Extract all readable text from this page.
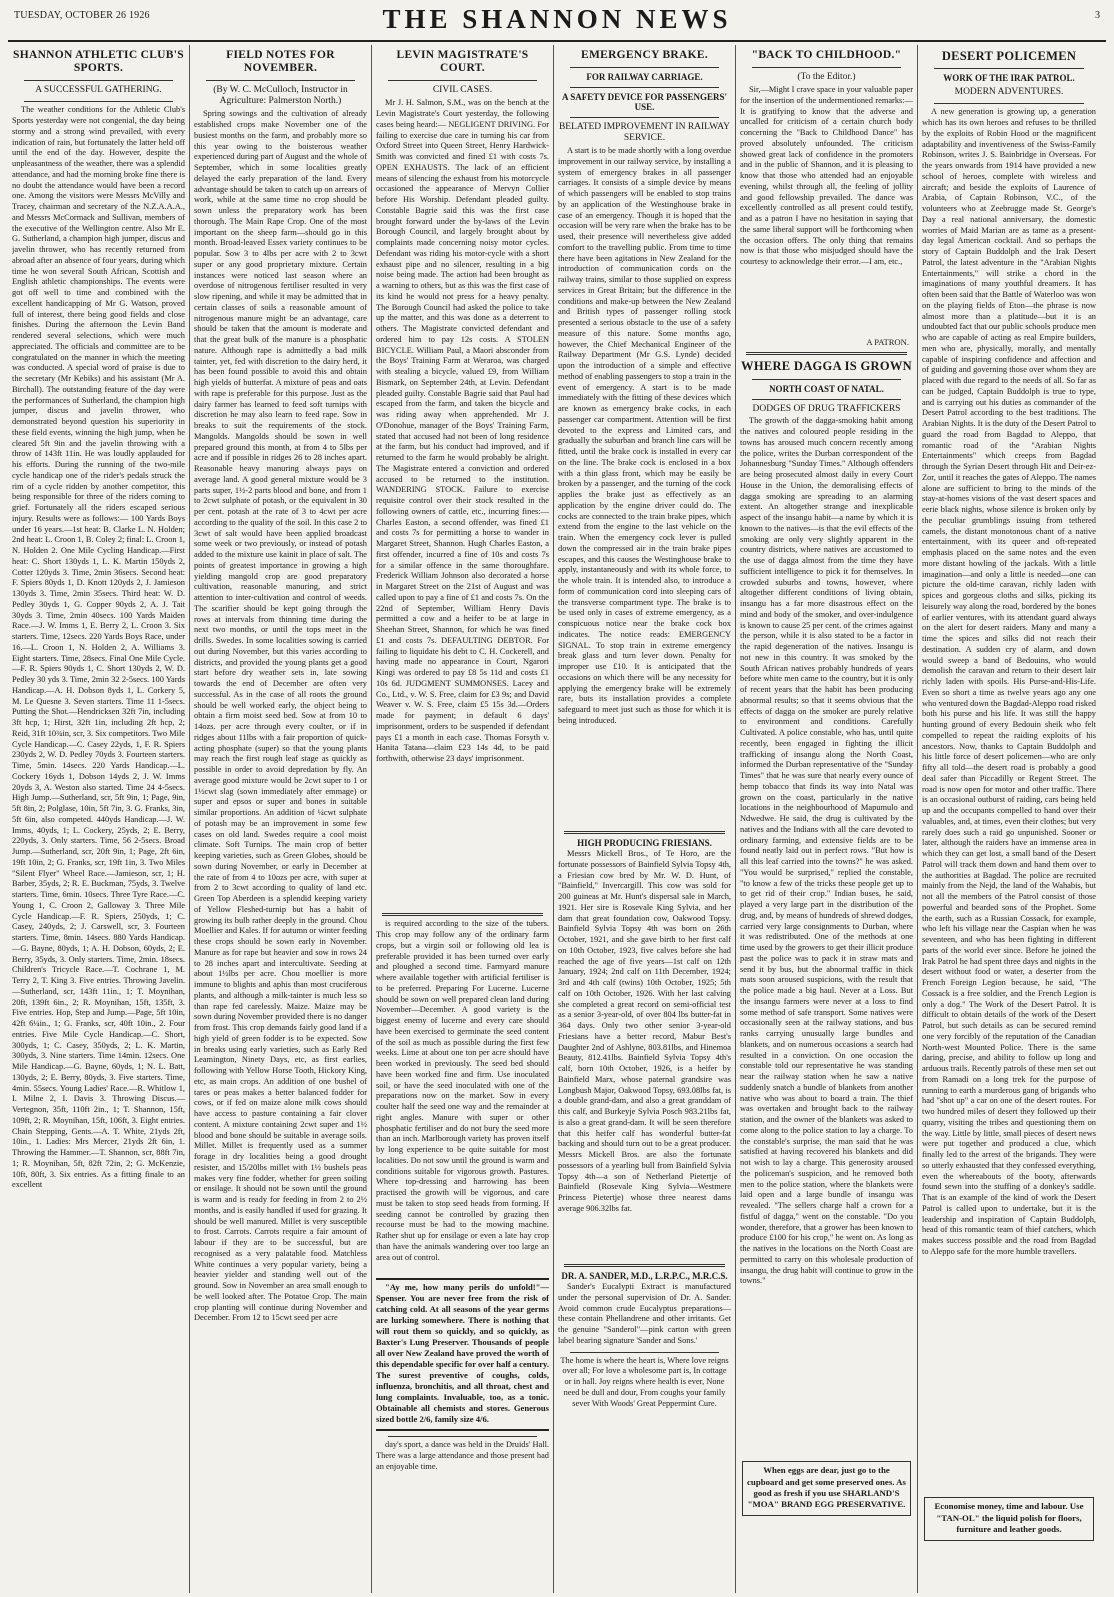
TUESDAY, OCTOBER 26 1926	THE SHANNON NEWS	3
SHANNON ATHLETIC CLUB'S SPORTS.
A SUCCESSFUL GATHERING.

The weather conditions for the Athletic Club's Sports yesterday were not congenial, the day being stormy and a strong wind prevailed, with every indication of rain, but fortunately the latter held off until the end of the day. However, despite the unpleasantness of the weather, there was a splendid attendance, and had the morning broke fine there is no doubt the attendance would have been a record one. Among the visitors were Messrs McVilly and Tracey, chairman and secretary of the N.Z.A.A.A., and Messrs McCormack and Sullivan, members of the executive of the Wellington centre. Also Mr E. G. Sutherland, a champion high jumper, discus and javelin thrower, who has recently returned from abroad after an absence of four years, during which time he won several South African, Scottish and English athletic championships. The events were got off well to time and combined with the excellent handicapping of Mr G. Watson, proved full of interest, there being good fields and close finishes. During the afternoon the Levin Band rendered several selections, which were much appreciated. The officials and committee are to be congratulated on the manner in which the meeting was conducted. A special word of praise is due to the secretary (Mr Kebiks) and his assistant (Mr A. Birchall). The outstanding feature of the day were the performances of Sutherland, the champion high jumper, discus and javelin thrower, who demonstrated beyond question his superiority in these field events, winning the high jump, when he cleared 5ft 9in and the javelin throwing with a throw of 143ft 11in. He was loudly applauded for his efforts. During the running of the two-mile cycle handicap one of the rider's pedals struck the rim of a cycle ridden by another competitor, this being responsible for three of the riders coming to grief. Fortunately all the riders escaped serious injury. Results were as follows:— 100 Yards Boys under 16 years.—1st heat: B. Clarke L. N. Holden; 2nd heat: L. Croon 1, B. Coley 2; final: L. Croon 1, N. Holden 2. One Mile Cycling Handicap.—First heat: C. Short 130yds 1, L. K. Martin 150yds 2, Cotter 120yds 3. Time, 2min 36secs. Second heat: F. Spiers 80yds 1, D. Knott 120yds 2, J. Jamieson 130yds 3. Time, 2min 35secs. Third heat: W. D. Pedley 30yds 1, G. Copper 90yds 2, A. J. Tait 30yds 3. Time, 2min 40secs. 100 Yards Maiden Race.—J. W. Imms 1, E. Berry 2, L. Croon 3. Six starters. Time, 12secs. 220 Yards Boys Race, under 16.—L. Croon 1, N. Holden 2, A. Williams 3. Eight starters. Time, 28secs. Final One Mile Cycle.—F. R. Spiers 90yds 1, C. Short 130yds 2, W. D. Pedley 30 yds 3. Time, 2min 32 2-5secs. 100 Yards Handicap.—A. H. Dobson 8yds 1, L. Corkery 5, M. Le Quesne 3. Seven starters. Time 11 1-5secs. Putting the Shot.—Hendricksen 32ft 7in, including 3ft hcp, 1; Hirst, 32ft 1in, including 2ft hcp, 2; Reid, 31ft 10¾in, scr, 3. Six competitors. Two Mile Cycle Handicap.—C. Casey 22yds, 1, F. R. Spiers 230yds 2, W. D. Pedley 70yds 3. Fourteen starters. Time, 5min. 14secs. 220 Yards Handicap.—L. Cockery 16yds 1, Dobson 14yds 2, J. W. Imms 20yds 3, A. Weston also started. Time 24 4-5secs. High Jump.—Sutherland, scr, 5ft 9in, 1; Page, 9in, 5ft 8in, 2; Polglase, 10in, 5ft 7in, 3. G. Franks, 3in, 5ft 6in, also competed. 440yds Handicap.—J. W. Imms, 40yds, 1; L. Cockery, 25yds, 2; E. Berry, 220yds, 3. Only starters. Time, 56 2-5secs. Broad Jump.—Sutherland, scr, 20ft 9in, 1; Page, 2ft 6in, 19ft 10in, 2; G. Franks, scr, 19ft 1in, 3. Two Miles "Silent Flyer" Wheel Race.—Jamieson, scr, 1; H. Barber, 35yds, 2; R. E. Buckman, 75yds, 3. Twelve starters. Time, 6min. 10secs. Three Tyre Race.—C. Young 1, C. Croon 2, Galloway 3. Three Mile Cycle Handicap.—F. R. Spiers, 250yds, 1; C. Casey, 240yds, 2; J. Carswell, scr, 3. Fourteen starters. Time, 8min. 14secs. 880 Yards Handicap.—G. Bayne, 80yds, 1; A. H. Dobson, 60yds, 2; E. Berry, 35yds, 3. Only starters. Time, 2min. 18secs. Children's Tricycle Race.—T. Cochrane 1, M. Terry 2, T. King 3. Five entries. Throwing Javelin.—Sutherland, scr, 143ft 11in., 1; T. Moynihan, 20ft, 139ft 6in., 2; R. Moynihan, 15ft, 135ft, 3. Five entries. Hop, Step and Jump.—Page, 5ft 10in, 42ft 6¼in., 1; G. Franks, scr, 40ft 10in., 2. Four entries. Five Mile Cycle Handicap.—C. Short, 300yds, 1; C. Casey, 350yds, 2; L. K. Martin, 300yds, 3. Nine starters. Time 14min. 12secs. One Mile Handicap.—G. Bayne, 60yds, 1; N. L. Batt, 130yds, 2; E. Berry, 80yds, 3. Five starters. Time, 4min. 55secs. Young Ladies' Race.—R. Whitlow 1, I. Milne 2, I. Davis 3. Throwing Discus.—Vertegnon, 35ft, 110ft 2in., 1; T. Shannon, 15ft, 109ft, 2; R. Moynihan, 15ft, 106ft, 3. Eight entries. Chain Stepping, Gents.—A. T. White, 21yds 2ft, 10in., 1. Ladies: Mrs Mercer, 21yds 2ft 6in, 1. Throwing the Hammer.—T. Shannon, scr, 88ft 7in, 1; R. Moynihan, 5ft, 82ft 72in, 2; G. McKenzie, 10ft, 80ft, 3. Six entries. As a fitting finale to an excellent

FIELD NOTES FOR NOVEMBER.
(By W. C. McCulloch, Instructor in Agriculture: Palmerston North.)

Spring sowings and the cultivation of already established crops make November one of the busiest months on the farm, and probably more so this year owing to the boisterous weather experienced during part of August and the whole of September, which in some localities greatly delayed the early preparation of the land. Every advantage should be taken to catch up on arrears of work, while at the same time no crop should be sown unless the preparatory work has been thorough. The Main Rape Crop. One of the most important on the sheep farm—should go in this month. Broad-leaved Essex variety continues to be popular. Sow 3 to 4lbs per acre with 2 to 3cwt super or any good proprietary mixture. Certain instances were noticed last season where an overdose of nitrogenous fertiliser resulted in very slow ripening, and while it may be admitted that in certain classes of soils a reasonable amount of nitrogenous manure might be an advantage, care should be taken that the amount is moderate and that the great bulk of the manure is a phosphatic nature. Although rape is admittedly a bad milk tainter, yet, fed with discretion to the dairy herd, it has been found possible to avoid this and obtain high yields of butterfat. A mixture of peas and oats with rape is preferable for this purpose. Just as the dairy farmer has learned to feed soft turnips with discretion he may also learn to feed rape. Sow in breaks to suit the requirements of the stock. Mangolds. Mangolds should be sown in well prepared ground this month, at from 4 to 5lbs per acre and if possible in ridges 26 to 28 inches apart. Reasonable heavy manuring always pays on average land. A good general mixture would be 3 parts super, 1½-2 parts blood and bone, and from 1 to 2cwt sulphate of potash, or the equivalent in 30 per cent. potash at the rate of 3 to 4cwt per acre according to the quality of the soil. In this case 2 to 3cwt of salt would have been applied broadcast some week or two previously, or instead of potash added to the mixture use kainit in place of salt. The points of greatest importance in growing a high yielding mangold crop are good preparatory cultivation, reasonable manuring, and strict attention to inter-cultivation and control of weeds. The scarifier should be kept going through the rows at intervals from thinning time during the next two months, or until the tops meet in the drills. Swedes. In some localities sowing is carried out during November, but this varies according to districts, and provided the young plants get a good start before dry weather sets in, late sowing towards the end of December are often very successful. As in the case of all roots the ground should be well worked early, the object being to obtain a firm moist seed bed. Sow at from 10 to 14ozs. per acre through every coulter, or if in ridges about 11lbs with a fair proportion of quick-acting phosphate (super) so that the young plants may reach the first rough leaf stage as quickly as possible in order to avoid depredation by fly. An average good mixture would be 2cwt super to 1 or 1½cwt slag (sown immediately after emmage) or super and epsos or super and bones in suitable similar proportions. An addition of ¼cwt sulphate of potash may be an improvement in some few cases on old land. Swedes require a cool moist climate. Soft Turnips. The main crop of better keeping varieties, such as Green Globes, should be sown during November, or early in December at the rate of from 4 to 10ozs per acre, with super at from 2 to 3cwt according to quality of land etc. Green Top Aberdeen is a splendid keeping variety of Yellow Fleshed-turnip but has a habit of growing its bulb rather deeply in the ground. Chou Moellier and Kales. If for autumn or winter feeding these crops should be sown early in November. Manure as for rape but heavier and sow in rows 24 to 28 inches apart and intercultivate. Seeding at about 1½lbs per acre. Chou moellier is more immune to blights and aphis than most cruciferous plants, and although a milk-tainter is much less so than rape fed carelessly. Maize. Maize may be sown during November provided there is no danger from frost. This crop demands fairly good land if a high yield of green fodder is to be expected. Sow in breaks using early varieties, such as Early Red Leamington, Ninety Days, etc, as first earlies, following with Yellow Horse Tooth, Hickory King, etc, as main crops. An addition of one bushel of tares or peas makes a better balanced fodder for cows, or if fed on maize alone milk cows should have access to pasture containing a fair clover content. A mixture containing 2cwt super and 1½ blood and bone should be suitable in average soils. Millet. Millet is frequently used as a summer forage in dry localities being a good drought resister, and 15/20lbs millet with 1½ bushels peas makes very fine fodder, whether for green soiling or ensilage. It should not be sown until the ground is warm and is ready for feeding in from 2 to 2½ months, and is easily handled if used for grazing. It should be well manured. Millet is very susceptible to frost. Carrots. Carrots require a fair amount of labour if they are to be successful, but are recognised as a very palatable food. Matchless White continues a very popular variety, being a heavier yielder and standing well out of the ground. Sow in November an area small enough to be well looked after. The Potatoe Crop. The main crop planting will continue during November and December. From 12 to 15cwt seed per acre

LEVIN MAGISTRATE'S COURT.
CIVIL CASES.

Mr J. H. Salmon, S.M., was on the bench at the Levin Magistrate's Court yesterday, the following cases being heard:— NEGLIGENT DRIVING. For failing to exercise due care in turning his car from Oxford Street into Queen Street, Henry Hardwick-Smith was convicted and fined £1 with costs 7s. OPEN EXHAUSTS. The lack of an efficient means of silencing the exhaust from his motorcycle occasioned the appearance of Mervyn Collier before His Worship. Defendant pleaded guilty. Constable Bagrie said this was the first case brought forward under the by-laws of the Levin Borough Council, and largely brought about by complaints made concerning noisy motor cycles. Defendant was riding his motor-cycle with a short exhaust pipe and no silencer, resulting in a big noise being made. The action had been brought as a warning to others, but as this was the first case of its kind he would not press for a heavy penalty. The Borough Council had asked the police to take up the matter, and this was done as a deterrent to others. The Magistrate convicted defendant and ordered him to pay 12s costs. A STOLEN BICYCLE. William Paul, a Maori absconder from the Boys' Training Farm at Weraroa, was charged with stealing a bicycle, valued £9, from William Bismark, on September 24th, at Levin. Defendant pleaded guilty. Constable Bagrie said that Paul had escaped from the farm, and taken the bicycle and was riding away when apprehended. Mr J. O'Donohue, manager of the Boys' Training Farm, stated that accused had not been of long residence at the farm, but his conduct had improved, and if returned to the farm he would probably be alright. The Magistrate entered a conviction and ordered accused to be returned to the institution. WANDERING STOCK. Failure to exercise requisite control over their stock resulted in the following owners of cattle, etc., incurring fines:— Charles Easton, a second offender, was fined £1 and costs 7s for permitting a horse to wander in Margaret Street, Shannon. Hugh Charles Easton, a first offender, incurred a fine of 10s and costs 7s for a similar offence in the same thoroughfare. Frederick William Johnson also decorated a horse in Margaret Street on the 21st of August and was called upon to pay a fine of £1 and costs 7s. On the 22nd of September, William Henry Davis permitted a cow and a heifer to be at large in Sheehan Street, Shannon, for which he was fined £1 and costs 7s. DEFAULTING DEBTOR. For failing to liquidate his debt to C. H. Cockerell, and having made no appearance in Court, Ngarori Kingi was ordered to pay £8 5s 11d and costs £1 10s 6d. JUDGMENT SUMMONSES. Lacey and Co., Ltd., v. W. S. Free, claim for £3 9s; and David Weaver v. W. S. Free, claim £5 15s 3d.—Orders made for payment; in default 6 days' imprisonment, orders to be suspended if defendant pays £1 a month in each case. Thomas Forsyth v. Hanita Tatana—claim £23 14s 4d, to be paid forthwith, otherwise 23 days' imprisonment.

is required according to the size of the tubers. This crop may follow any of the ordinary farm crops, but a virgin soil or following old lea is preferable provided it has been turned over early and ploughed a second time. Farmyard manure where available together with artificial fertiliser is to be preferred. Preparing For Lucerne. Lucerne should be sown on well prepared clean land during November—December. A good variety is the biggest enemy of lucerne and every care should have been exercised to germinate the seed content of the soil as much as possible during the first few weeks. Lime at about one ton per acre should have been worked in previously. The seed bed should have been worked fine and firm. Use inoculated soil, or have the seed inoculated with one of the preparations now on the market. Sow in every coulter half the seed one way and the remainder at right angles. Manure with super or other phosphatic fertiliser and do not bury the seed more than an inch. Marlborough variety has proven itself by long experience to be quite suitable for most localities. Do not sow until the ground is warm and conditions suitable for vigorous growth. Pastures. Where top-dressing and harrowing has been practised the growth will be vigorous, and care must be taken to stop seed heads from forming. If seeding cannot be controlled by grazing then recourse must be had to the mowing machine. Rather shut up for ensilage or even a late hay crop than have the animals wandering over too large an area out of control.

"Ay me, how many perils do unfold!"—Spenser. You are never free from the risk of catching cold. At all seasons of the year germs are lurking somewhere. There is nothing that will rout them so quickly, and so quickly, as Baxter's Lung Preserver. Thousands of people all over New Zealand have proved the worth of this dependable specific for over half a century. The surest preventive of coughs, colds, influenza, bronchitis, and all throat, chest and lung complaints. Invaluable, too, as a tonic. Obtainable all chemists and stores. Generous sized bottle 2/6, family size 4/6.

day's sport, a dance was held in the Druids' Hall. There was a large attendance and those present had an enjoyable time.

EMERGENCY BRAKE.
FOR RAILWAY CARRIAGE.
A SAFETY DEVICE FOR PASSENGERS' USE.
BELATED IMPROVEMENT IN RAILWAY SERVICE.

A start is to be made shortly with a long overdue improvement in our railway service, by installing a system of emergency brakes in all passenger carriages. It consists of a simple device by means of which passengers will be enabled to stop trains by an application of the Westinghouse brake in case of an emergency. Though it is hoped that the occasion will be very rare when the brake has to be used, their presence will nevertheless give added comfort to the travelling public. From time to time there have been agitations in New Zealand for the introduction of communication cords on the railway trains, similar to those supplied on express services in Great Britain; but the difference in the conditions and make-up between the New Zealand and British types of passenger rolling stock presented a serious obstacle to the use of a safety measure of this nature. Some months ago, however, the Chief Mechanical Engineer of the Railway Department (Mr G.S. Lynde) decided upon the introduction of a simple and effective method of enabling passengers to stop a train in the event of emergency. A start is to be made immediately with the fitting of these devices which are known as emergency brake cocks, in each passenger car compartment. Attention will be first devoted to the express and Limited cars, and gradually the suburban and branch line cars will be fitted, until the brake cock is installed in every car on the line. The brake cock is enclosed in a box with a thin glass front, which may be easily be broken by a passenger, and the turning of the cock applies the brake just as effectively as an application by the engine driver could do. The cocks are connected to the train brake pipes, which extend from the engine to the last vehicle on the train. When the emergency cock lever is pulled down the compressed air in the train brake pipes escapes, and this causes the Westinghouse brake to apply, instantaneously and with its whole force, to the whole train. It is intended also, to introduce a form of communication cord into sleeping cars of the transverse compartment type. The brake is to be used only in cases of extreme emergency, as a conspicuous notice near the brake cock box indicates. The notice reads: EMERGENCY SIGNAL. To stop train in extreme emergency break glass and turn lever down. Penalty for improper use £10. It is anticipated that the occasions on which there will be any necessity for applying the emergency brake will be extremely rare, buts its installation provides a complete safeguard to meet just such as those for which it is being introduced.

HIGH PRODUCING FRIESIANS.

Messrs Mickell Bros., of Te Horo, are the fortunate possessors of Bainfield Sylvia Topsy 4th, a Friesian cow bred by Mr. W. D. Hunt, of "Bainfield," Invercargill. This cow was sold for 200 guineas at Mr. Hunt's dispersal sale in March, 1921. Her sire is Rosevale King Sylvia, and her dam that great foundation cow, Oakwood Topsy. Bainfield Sylvia Topsy 4th was born on 26th October, 1921, and she gave birth to her first calf on 10th October, 1923, five calves before she had reached the age of five years—1st calf on 12th January, 1924; 2nd calf on 11th December, 1924; 3rd and 4th calf (twins) 10th October, 1925; 5th calf on 10th October, 1926. With her last calving she completed a great record on semi-official test as a senior 3-year-old, of over 804 lbs butter-fat in 364 days. Only two other senior 3-year-old Friesians have a better record, Mabur Best's Daughter 2nd of Ashlyne, 803.81lbs, and Hinemoa Beauty, 812.41lbs. Bainfield Sylvia Topsy 4th's calf, born 10th October, 1926, is a heifer by Bainfield Marx, whose paternal grandsire was Longbush Major, Oakwood Topsy, 693.08lbs fat, is a double grand-dam, and also a great granddam of this calf, and Burkeyje Sylvia Posch 983.21lbs fat, is also a great grand-dam. It will be seen therefore that this heifer calf has wonderful butter-fat backing and should turn out to be a great producer. Messrs Mickell Bros. are also the fortunate possessors of a yearling bull from Bainfield Sylvia Topsy 4th—a son of Netherland Pietertje of Bainfield (Rosevale King Sylvia—Westmere Princess Pietertje) whose three nearest dams average 906.32lbs fat.

DR. A. SANDER, M.D., L.R.P.C., M.R.C.S.

Sander's Eucalypti Extract is manufactured under the personal supervision of Dr. A. Sander. Avoid common crude Eucalyptus preparations—these contain Phellandrene and other irritants. Get the genuine "Sanderol"—pink carton with green label bearing signature 'Sander and Sons.'

The home is where the heart is, Where love reigns over all; For love a wholesome part is, In cottage or in hall. Joy reigns where health is ever, None need be dull and dour, From coughs your family sever With Woods' Great Peppermint Cure.

"BACK TO CHILDHOOD."
(To the Editor.)

Sir,—Might I crave space in your valuable paper for the insertion of the undermentioned remarks:—It is gratifying to know that the adverse and uncalled for criticism of a certain church body concerning the "Back to Childhood Dance" has proved absolutely unfounded. The criticism showed great lack of confidence in the promoters and in the public of Shannon, and it is pleasing to know that those who attended had an enjoyable evening, whilst through all, the feeling of jollity and good fellowship prevailed. The dance was excellently controlled as all present could testify, and as a patron I have no hesitation in saying that the same liberal support will be forthcoming when the occasion offers. The only thing that remains now is that those who misjudged should have the courtesy to acknowledge their error.—I am, etc.,

A PATRON.
WHERE DAGGA IS GROWN
NORTH COAST OF NATAL.
DODGES OF DRUG TRAFFICKERS

The growth of the dagga-smoking habit among the natives and coloured people residing in the towns has aroused much concern recently among the police, writes the Durban correspondent of the Johannesburg "Sunday Times." Although offenders are being prosecuted almost daily in every Court House in the Union, the demoralising effects of dagga smoking are spreading to an alarming extent. An altogether strange and inexplicable aspect of the insangu habit—a name by which it is known to the natives—is that the evil effects of the smoking are only very slightly apparent in the country districts, where natives are accustomed to the use of dagga almost from the time they have sufficient intelligence to pick it for themselves. In crowded suburbs and towns, however, where altogether different conditions of living obtain, insangu has a far more disastrous effect on the mind and body of the smoker, and over-indulgence is known to cause 25 per cent. of the crimes against the person, while it is also stated to be a factor in the rapid degeneration of the natives. Insangu is not new in this country. It was smoked by the South African natives probably hundreds of years before white men came to the country, but it is only of recent years that the habit has been producing abnormal results; so that it seems obvious that the effects of dagga on the smoker are purely relative to environment and conditions. Carefully Cultivated. A police constable, who has, until quite recently, been engaged in fighting the illicit trafficking of insangu along the North Coast, informed the Durban representative of the "Sunday Times" that he was sure that nearly every ounce of hemp tobacco that finds its way into Natal was grown on the coast, particularly in the native locations in the neighbourhood of Mapumulo and Ndwedwe. He said, the drug is cultivated by the natives and the Indians with all the care devoted to ordinary farming, and extensive fields are to be found neatly laid out in perfect rows. "But how is all this leaf carried into the towns?" he was asked. "You would be surprised," replied the constable, "to know a few of the tricks these people get up to to get rid of their crop." Indian buses, he said, played a very large part in the distribution of the drug, and, by means of hundreds of shrewd dodges, carried very large consignments to Durban, where it was redistributed. One of the methods at one time used by the growers to get their illicit produce past the police was to pack it in straw mats and send it by bus, but the abnormal traffic in thick mats soon aroused suspicions, with the result that the police made a big haul. Never at a Loss. But the insangu farmers were never at a loss to find some method of safe transport. Some natives were occasionally seen at the railway stations, and bus ranks carrying unusually large bundles and blankets, and on numerous occasions a search had resulted in a conviction. On one occasion the constable told our representative he was standing near the railway station when he saw a native suddenly snatch a bundle of blankets from another native who was about to board a train. The thief was overtaken and brought back to the railway station, and the owner of the blankets was asked to come along to the police station to lay a charge. To the constable's surprise, the man said that he was satisfied at having recovered his blankets and did not wish to lay a charge. This generosity aroused the policeman's suspicion, and he removed both men to the police station, where the blankets were laid open and a large bundle of insangu was revealed. "The sellers charge half a crown for a fistful of dagga," went on the constable. "Do you wonder, therefore, that a grower has been known to produce £100 for his crop," he went on. As long as the natives in the locations on the North Coast are permitted to carry on this wholesale production of insangu, the drug habit will continue to grow in the towns."

When eggs are dear, just go to the cupboard and get some preserved ones. As good as fresh if you use SHARLAND'S "MOA" BRAND EGG PRESERVATIVE.

DESERT POLICEMEN
WORK OF THE IRAK PATROL.
MODERN ADVENTURES.

A new generation is growing up, a generation which has its own heroes and refuses to be thrilled by the exploits of Robin Hood or the magnificent adaptability and inventiveness of the Swiss-Family Robinson, writes J. S. Bainbridge in Overseas. For the years onwards from 1914 have provided a new school of heroes, complete with wireless and aircraft; and beside the exploits of Laurence of Arabia, of Captain Robinson, V.C., of the volunteers who at Zeebrugge made St. George's Day a real national anniversary, the domestic worries of Maid Marian are as tame as a present-day legal American cocktail. And so perhaps the story of Captain Buddolph and the Irak Desert Patrol, the latest adventure in the "Arabian Nights Entertainments," will strike a chord in the imaginations of many youthful dreamers. It has often been said that the Battle of Waterloo was won on the playing fields of Eton—the phrase is now almost more than a platitude—but it is an undoubted fact that our public schools produce men who are capable of acting as real Empire builders, men who are, physically, morally, and mentally capable of inspiring confidence and affection and of guiding and governing those over whom they are placed with due regard to the needs of all. So far as can be judged, Captain Buddolph is true to type, and is carrying out his duties as commander of the Desert Patrol according to the best traditions. The Arabian Nights. It is the duty of the Desert Patrol to guard the road from Bagdad to Aleppo, that romantic road of the "Arabian Nights Entertainments" which creeps from Bagdad through the Syrian Desert through Hit and Deir-ez-Zor, until it reaches the gates of Aleppo. The names alone are sufficient to bring to the minds of the stay-at-homes visions of the vast desert spaces and eerie black nights, whose silence is broken only by the peculiar grumblings issuing from tethered camels, the distant monotonous chant of a native entertainment, with its queer and oft-repeated emphasis placed on the same notes and the even more distant howling of the jackals. With a little imagination—and only a little is needed—one can picture the old-time caravan, richly laden with spices and gorgeous cloths and silks, picking its leisurely way along the road, bordered by the bones of earlier ventures, with its attendant guard always on the alert for desert raiders. Many and many a time the spices and silks did not reach their destination. A sudden cry of alarm, and down would sweep a band of Bedouins, who would demolish the caravan and return to their desert lair richly laden with spoils. His Purse-and-His-Life. Even so short a time as twelve years ago any one who ventured down the Bagdad-Aleppo road risked both his purse and his life. It was still the happy hunting ground of every Bedouin sheik who felt compelled to repeat the raiding exploits of his ancestors. Now, thanks to Captain Buddolph and his little force of desert policemen—who are only fifty all told—the desert road is probably a good deal safer than Piccadilly or Regent Street. The road is now open for motor and other traffic. There is an occasional outburst of raiding, cars being held up and the occupants compelled to hand over their valuables, and, at times, even their clothes; but very rarely does such a raid go unpunished. Sooner or later, although the raiders have an immense area in which they can get lost, a small band of the Desert Patrol will track them down and hand them over to the authorities at Bagdad. The police are recruited mainly from the Nejd, the land of the Wahabis, but not all the members of the Patrol consist of those powerful and bearded sons of the Prophet. Some the earth, such as a Russian Cossack, for example, who left his village near the Caspian when he was seventeen, and who has been fighting in different parts of the world ever since. Before he joined the Irak Patrol he had spent three days and nights in the desert without food or water, a deserter from the French Foreign Legion because, he said, "The Cossack is a free soldier, and the French Legion is only a dog." The Work of the Desert Patrol. It is difficult to obtain details of the work of the Desert Patrol, but such details as can be secured remind one very forcibly of the reputation of the Canadian North-west Mounted Police. There is the same daring, precise, and ability to follow up long and arduous trails. Recently patrols of these men set out from Ramadi on a long trek for the purpose of running to earth a murderous gang of brigands who had "shot up" a car on one of the desert routes. For two hundred miles of desert they followed up their quarry, visiting the tribes and questioning them on the way. Little by little, small pieces of desert news were put together and produced a clue, which finally led to the arrest of the brigands. They were so utterly exhausted that they confessed everything, even the whereabouts of the booty, afterwards found sewn into the stuffing of a donkey's saddle. That is an example of the kind of work the Desert Patrol is called upon to undertake, but it is the leadership and inspiration of Captain Buddolph, head of this romantic team of thief catchers, which makes success possible and the road from Bagdad to Aleppo safe for the more humble travellers.

Economise money, time and labour. Use "TAN-OL" the liquid polish for floors, furniture and leather goods.
